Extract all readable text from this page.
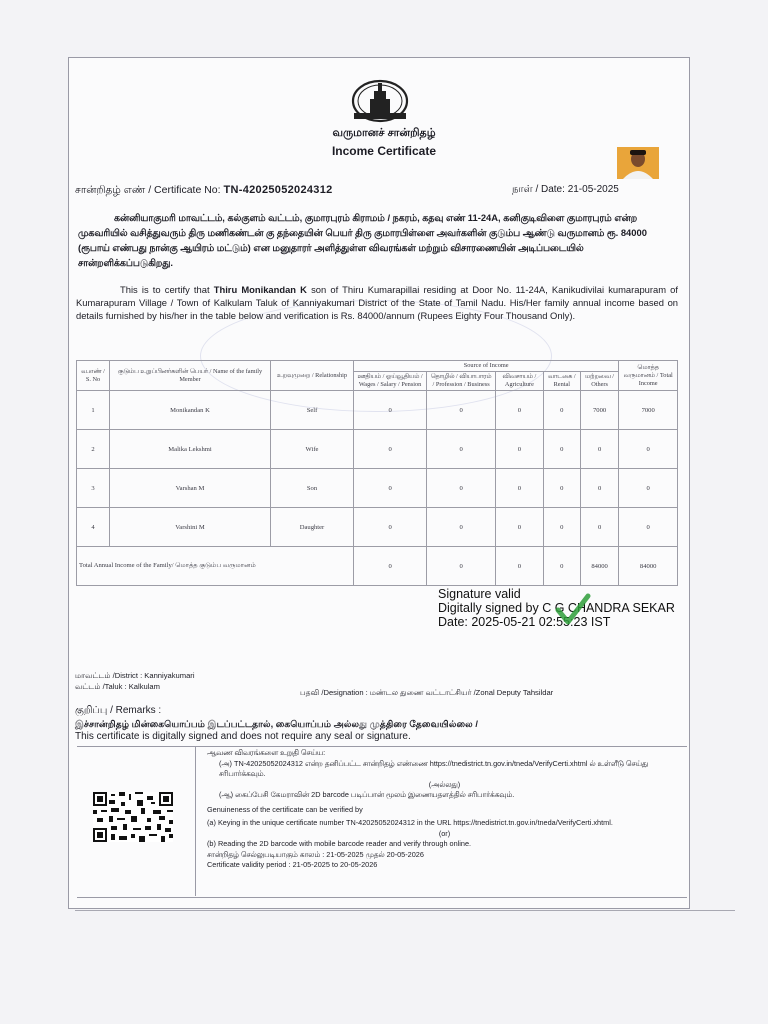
வருமானச் சான்றிதழ்
Income Certificate
சான்றிதழ் எண் / Certificate No: TN-42025052024312	நாள் / Date: 21-05-2025
கன்னியாகுமரி மாவட்டம், கல்குளம் வட்டம், குமாரபுரம் கிராமம் / நகரம், கதவு எண் 11-24A, கனிகுடிவிளை குமாரபுரம் என்ற முகவரியில் வசித்துவரும் திரு மணிகண்டன் கு தந்தையின் பெயர் திரு குமாரபிள்ளை அவர்களின் குடும்ப ஆண்டு வருமானம் ரூ. 84000 (ரூபாய் எண்பது நான்கு ஆயிரம் மட்டும்) என மனுதாரர் அளித்துள்ள விவரங்கள் மற்றும் விசாரணையின் அடிப்படையில் சான்றளிக்கப்படுகிறது.
This is to certify that Thiru Monikandan K son of Thiru Kumarapillai residing at Door No. 11-24A, Kanikudivilai kumarapuram of Kumarapuram Village / Town of Kalkulam Taluk of Kanniyakumari District of the State of Tamil Nadu. His/Her family annual income based on details furnished by his/her in the table below and verification is Rs. 84000/annum (Rupees Eighty Four Thousand Only).
வ.எண் / S. No	குடும்ப உறுப்பினர்களின் பெயர் / Name of the family Member	உறவுமுறை / Relationship	Source of Income					மொத்த வருமானம் / Total Income
			ஊதியம் / ஓய்வூதியம் / Wages / Salary / Pension	தொழில் / வியாபாரம் / Profession / Business	விவசாயம் / Agriculture	வாடகை / Rental	மற்றவை / Others	
1	Monikandan K	Self	0	0	0	0	7000	7000
2	Malika Lekshmi	Wife	0	0	0	0	0	0
3	Varshan M	Son	0	0	0	0	0	0
4	Varshini M	Daughter	0	0	0	0	0	0
Total Annual Income of the Family/ மொத்த குடும்ப வருமானம்			0	0	0	0	84000	84000
Signature valid
Digitally signed by C G CHANDRA SEKAR
Date: 2025-05-21 02:55:23 IST
மாவட்டம் /District : Kanniyakumari
வட்டம் /Taluk : Kalkulam
பதவி /Designation : மண்டல துணை வட்டாட்சியர் /Zonal Deputy Tahsildar
குறிப்பு / Remarks :
இச்சான்றிதழ் மின்கையொப்பம் இடப்பட்டதால், கையொப்பம் அல்லது முத்திரை தேவையில்லை /
This certificate is digitally signed and does not require any seal or signature.

ஆவண விவரங்களை உறுதி செய்ய:

(அ) TN-42025052024312 என்ற தனிப்பட்ட சான்றிதழ் எண்ணை https://tnedistrict.tn.gov.in/tneda/VerifyCerti.xhtml ல் உள்ளீடு செய்து சரிபார்க்கவும்.

(அல்லது)

(ஆ) கைப்பேசி கேமராவின் 2D barcode படிப்பான் மூலம் இணையதளத்தில் சரிபார்க்கவும்.

Genuineness of the certificate can be verified by

(a) Keying in the unique certificate number TN-42025052024312 in the URL https://tnedistrict.tn.gov.in/tneda/VerifyCerti.xhtml.

(or)

(b) Reading the 2D barcode with mobile barcode reader and verify through online.

சான்றிதழ் செல்லுபடியாகும் காலம் : 21-05-2025 முதல் 20-05-2026

Certificate validity period : 21-05-2025 to 20-05-2026
